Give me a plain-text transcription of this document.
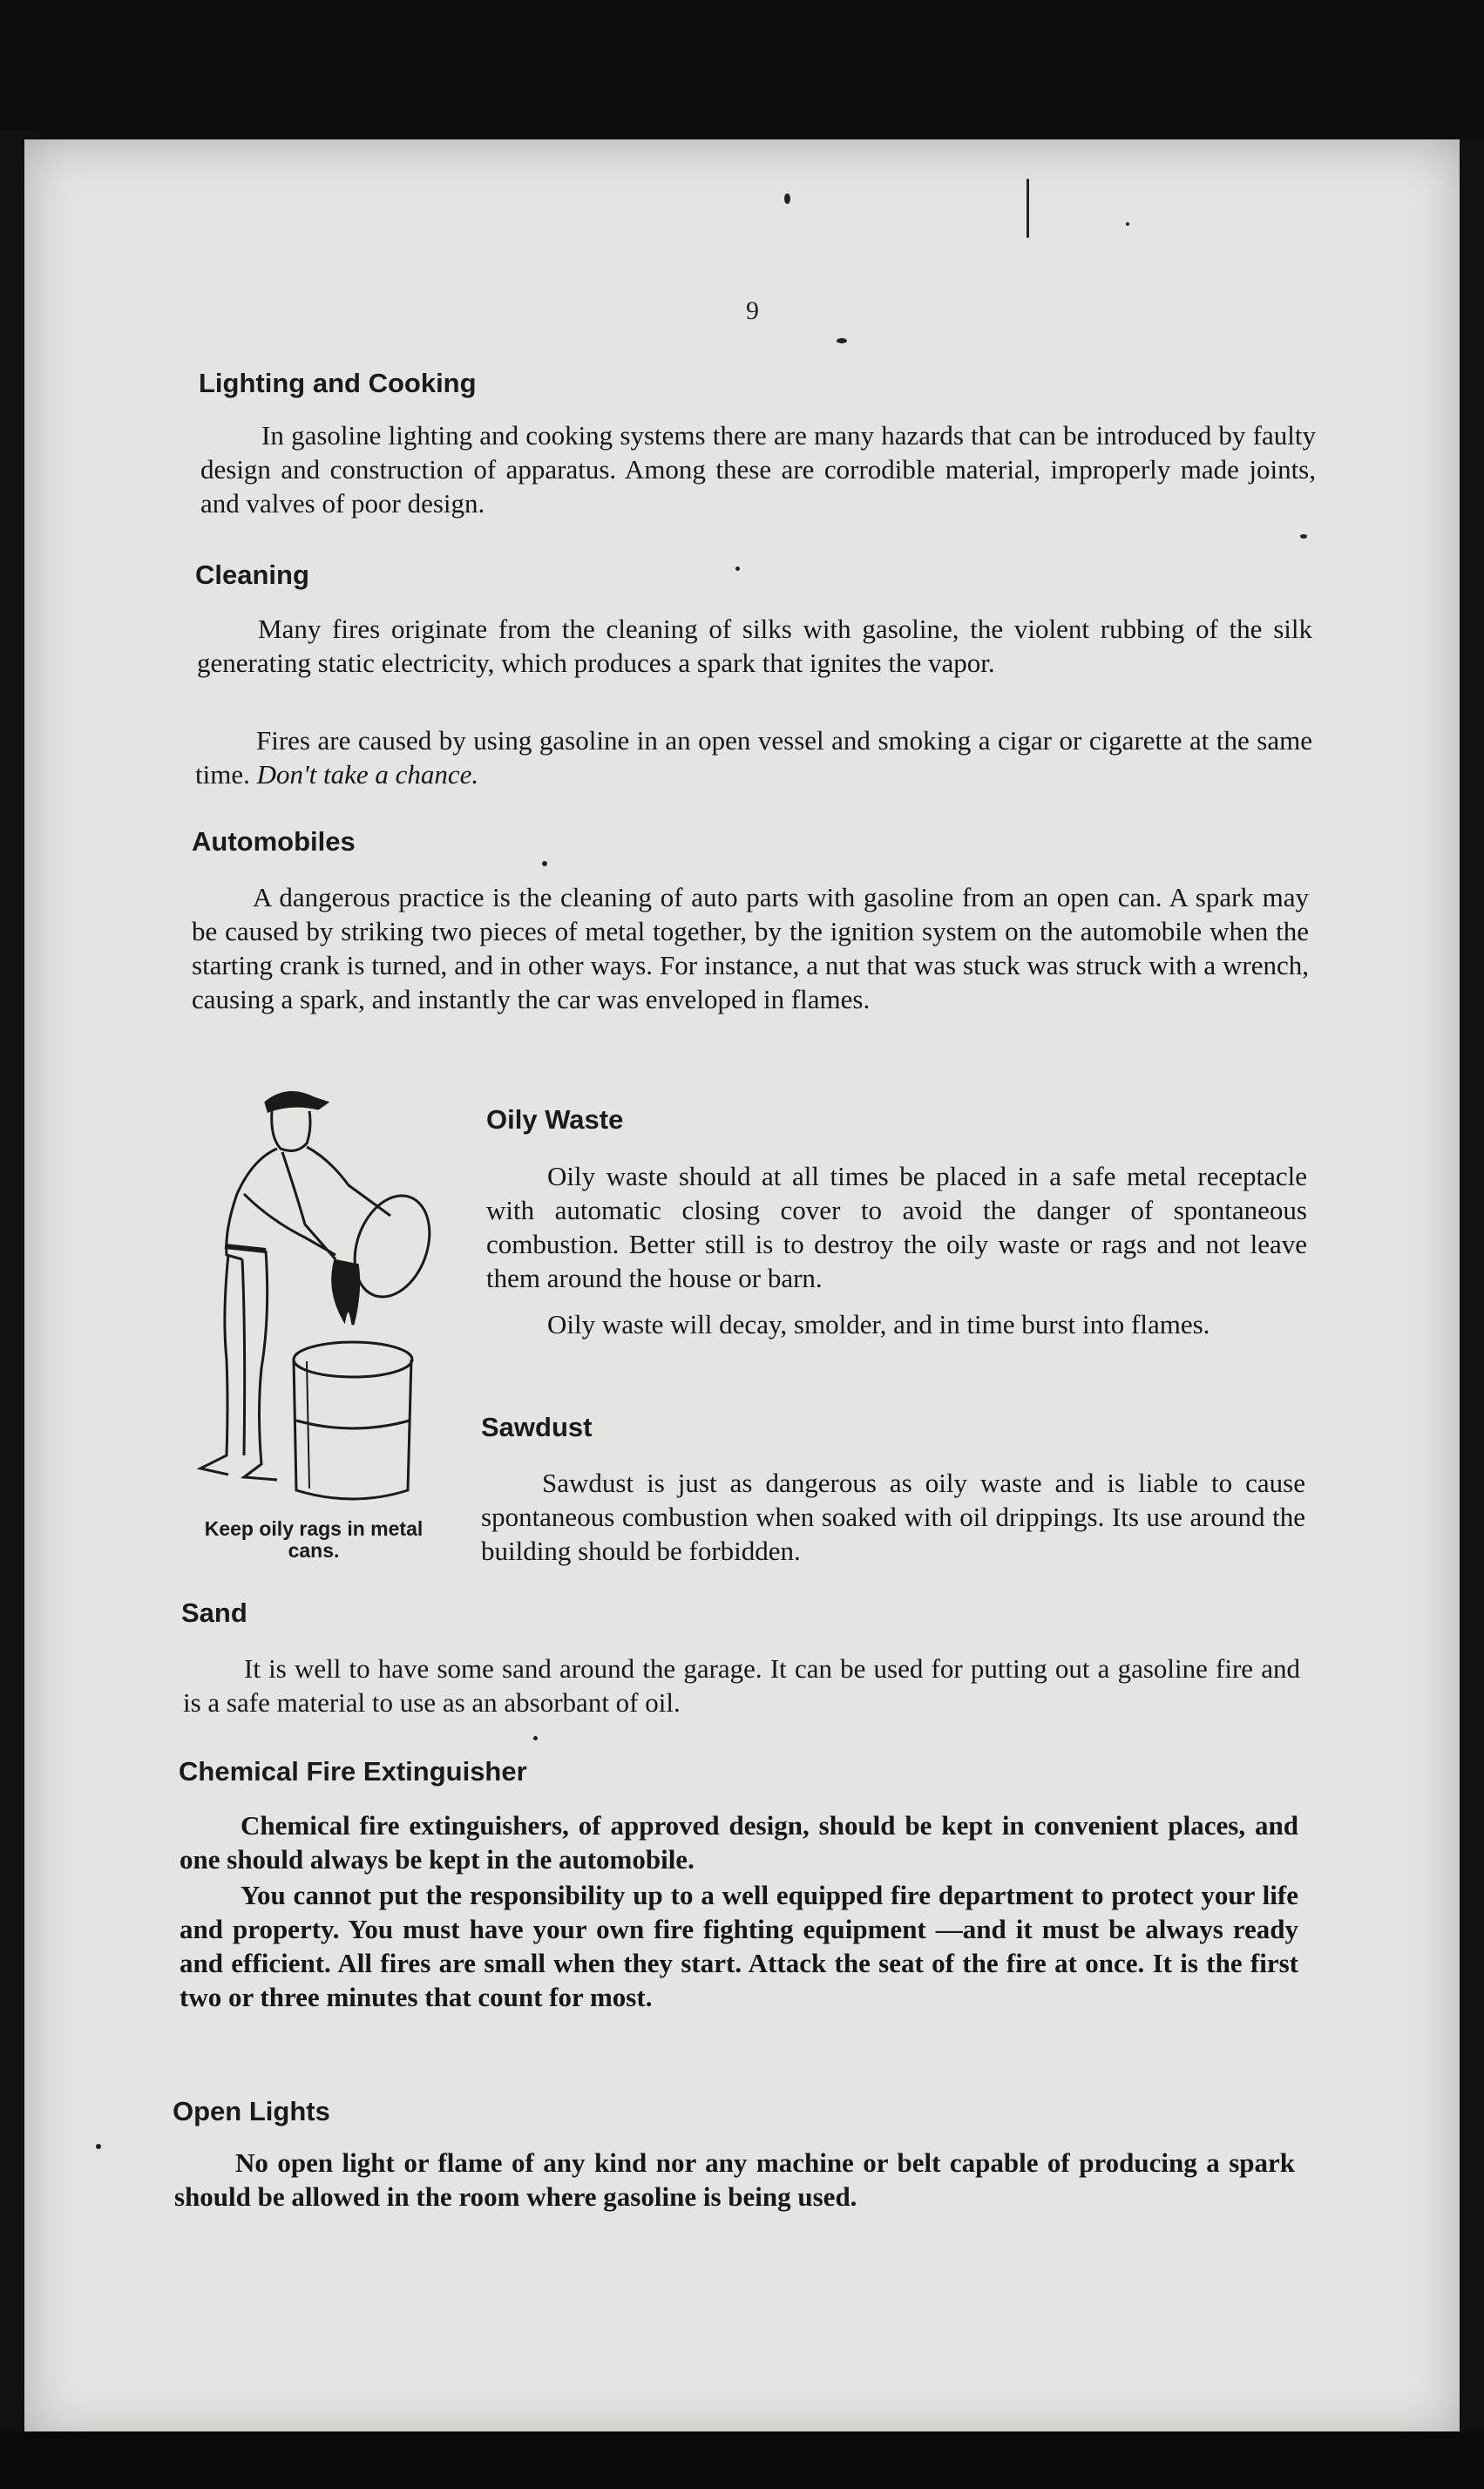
9
Lighting and Cooking

In gasoline lighting and cooking systems there are many hazards that can be introduced by faulty design and construction of apparatus. Among these are corrodible material, improperly made joints, and valves of poor design.

Cleaning

Many fires originate from the cleaning of silks with gasoline, the violent rubbing of the silk generating static electricity, which produces a spark that ignites the vapor.

Fires are caused by using gasoline in an open vessel and smoking a cigar or cigarette at the same time. Don't take a chance.

Automobiles

A dangerous practice is the cleaning of auto parts with gasoline from an open can. A spark may be caused by striking two pieces of metal together, by the ignition system on the automobile when the starting crank is turned, and in other ways. For instance, a nut that was stuck was struck with a wrench, causing a spark, and instantly the car was enveloped in flames.

Keep oily rags in metal cans.
Oily Waste

Oily waste should at all times be placed in a safe metal receptacle with automatic closing cover to avoid the danger of spontaneous combustion. Better still is to destroy the oily waste or rags and not leave them around the house or barn.

Oily waste will decay, smolder, and in time burst into flames.

Sawdust

Sawdust is just as dangerous as oily waste and is liable to cause spontaneous combustion when soaked with oil drippings. Its use around the building should be forbidden.

Sand

It is well to have some sand around the garage. It can be used for putting out a gasoline fire and is a safe material to use as an absorbant of oil.

Chemical Fire Extinguisher

Chemical fire extinguishers, of approved design, should be kept in convenient places, and one should always be kept in the automobile.

You cannot put the responsibility up to a well equipped fire department to protect your life and property. You must have your own fire fighting equipment —and it must be always ready and efficient. All fires are small when they start. Attack the seat of the fire at once. It is the first two or three minutes that count for most.

Open Lights

No open light or flame of any kind nor any machine or belt capable of producing a spark should be allowed in the room where gasoline is being used.
